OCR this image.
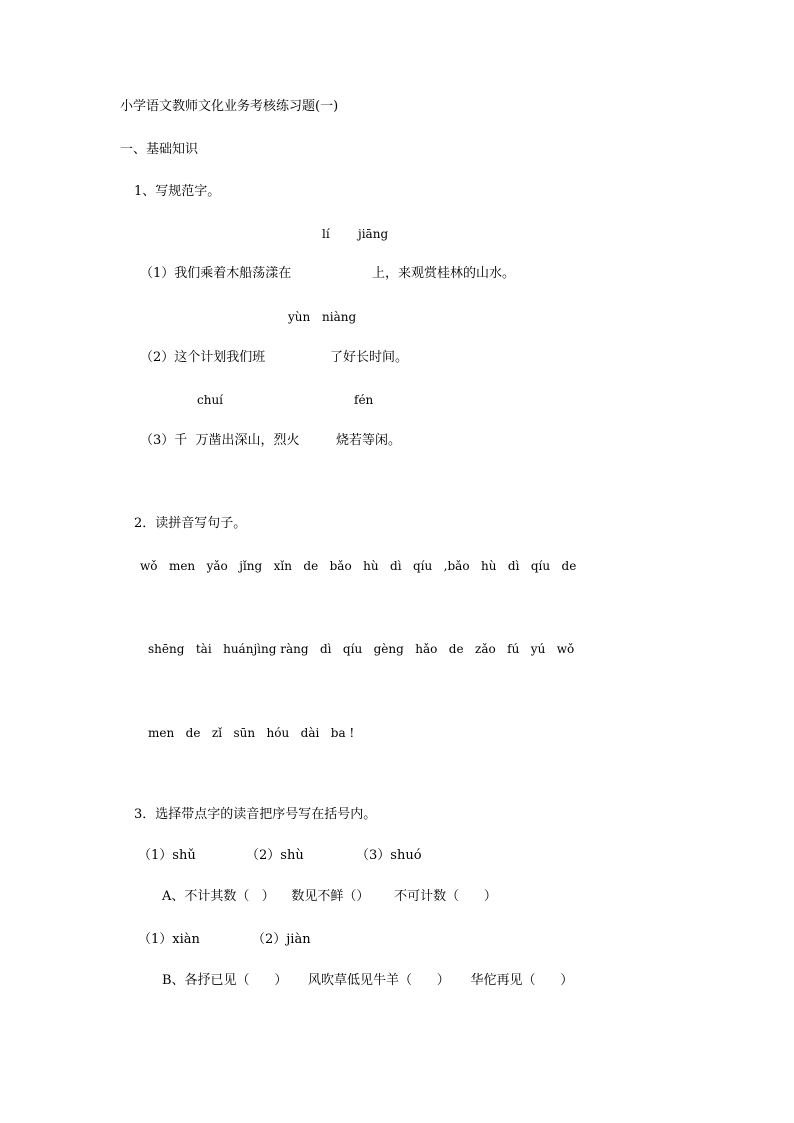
小学语文教师文化业务考核练习题(一)
一、基础知识
1、写规范字。
lí jiāng
（1）我们乘着木船荡漾在	上，来观赏桂林的山水。
yùn niàng
（2）这个计划我们班	了好长时间。
chuí	fén
（3）千  万凿出深山，烈火	烧若等闲。
2．读拼音写句子。
wǒ   men   yǎo   jǐng   xǐn   de   bǎo   hù   dì   qíu   ,bǎo   hù   dì   qíu   de
shēng   tài   huánjìng ràng   dì   qíu   gèng   hǎo   de   zǎo   fú   yú   wǒ
men   de   zǐ   sūn   hóu   dài   ba !
3．选择带点字的读音把序号写在括号内。
（1）shǔ	（2）shù	（3）shuó
A、不计其数（   ）    数见不鲜（）      不可计数（      ）
（1）xiàn	（2）jiàn
B、各抒已见（      ）     风吹草低见牛羊（      ）     华佗再见（      ）
